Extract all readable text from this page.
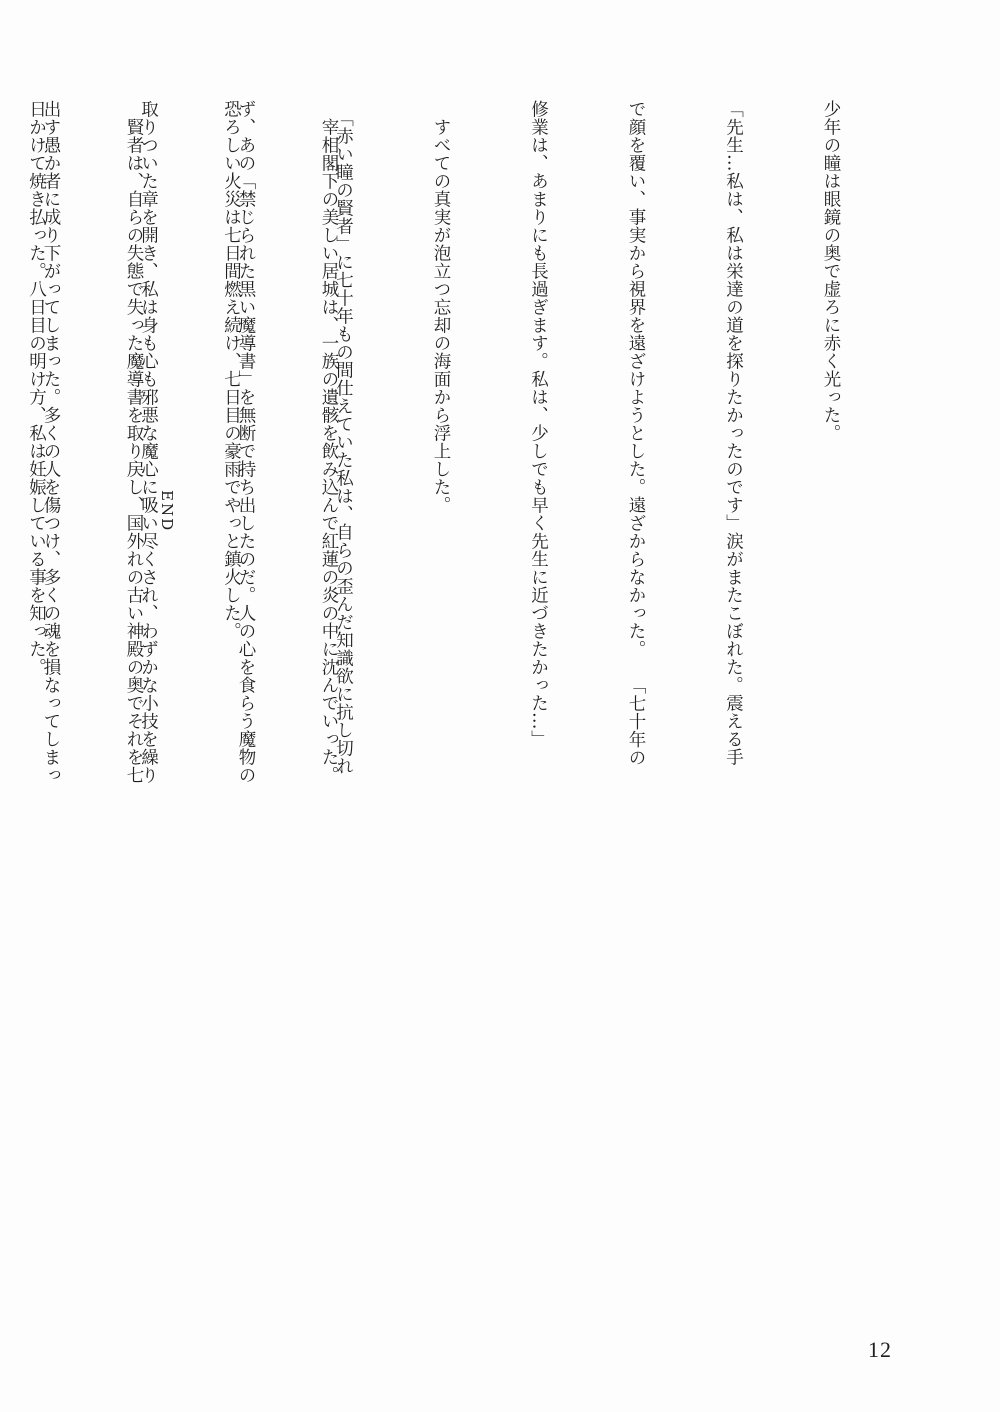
少年の瞳は眼鏡の奥で虚ろに赤く光った。

「先生…私は、私は栄達の道を探りたかったのです」涙がまたこぼれた。震える手

で顔を覆い、事実から視界を遠ざけようとした。遠ざからなかった。　　「七十年の

修業は、あまりにも長過ぎます。私は、少しでも早く先生に近づきたかった…」

　すべての真実が泡立つ忘却の海面から浮上した。

　「赤い瞳の賢者」に七十年もの間仕えていた私は、自らの歪んだ知識欲に抗し切れ

ず、あの「禁じられた黒い魔導書」を無断で持ち出したのだ。人の心を食らう魔物の

取りついた章を開き、私は身も心も邪悪な魔心に吸い尽くされ、わずかな小技を繰り

出す愚か者に成り下がってしまった。多くの人を傷つけ、多くの魂を損なってしまっ

	　宰相閣下の美しい居城は、一族の遺骸を飲み込んで紅蓮の炎の中に沈んでいった。

恐ろしい火災は七日間燃え続け、七日目の豪雨でやっと鎮火した。

　賢者は、自らの失態で失った魔導書を取り戻し、国外れの古い神殿の奥でそれを七

日かけて焼き払った。八日目の明け方、私は妊娠している事を知った。

	END
12
